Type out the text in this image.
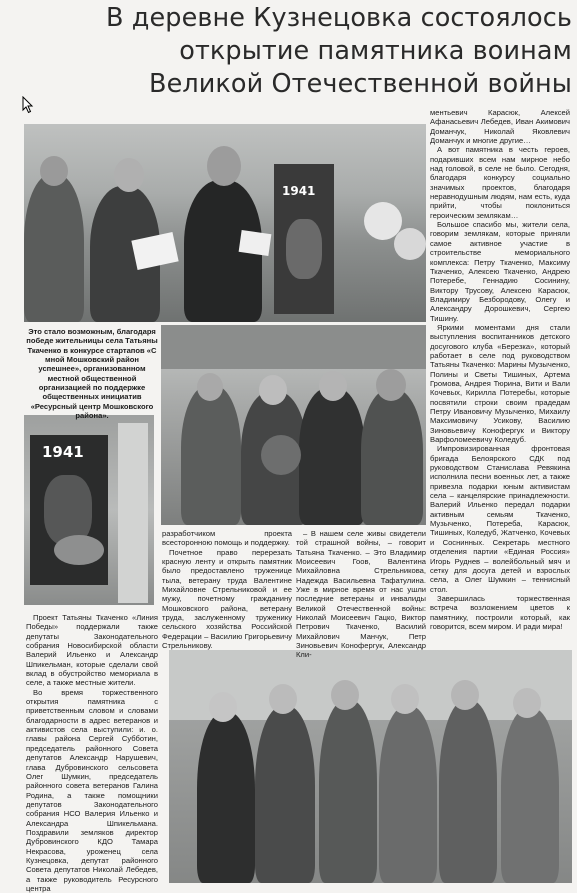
В деревне Кузнецовка состоялось
открытие памятника воинам
Великой Отечественной войны
1941
1941

Это стало возможным, благодаря победе жительницы села Татьяны Ткаченко в конкурсе стартапов «С мной Мошковский район успешнее», организованном местной общественной организацией по поддержке общественных инициатив «Ресурсный центр Мошковского района».

Проект Татьяны Ткаченко «Линия Победы» поддержали также депутаты Законодательного собрания Новосибирской области Валерий Ильенко и Александр Шпикельман, которые сделали свой вклад в обустройство мемориала в селе, а также местные жители.

Во время торжественного открытия памятника с приветственным словом и словами благодарности в адрес ветеранов и активистов села выступили: и. о. главы района Сергей Субботин, председатель районного Совета депутатов Александр Нарушевич, глава Дубровинского сельсовета Олег Шумкин, председатель районного совета ветеранов Галина Родина, а также помощники депутатов Законодательного собрания НСО Валерия Ильенко и Александра Шпикельмана. Поздравили земляков директор Дубровинского КДО Тамара Некрасова, уроженец села Кузнецовка, депутат районного Совета депутатов Николай Лебедев, а также руководитель Ресурсного центра

разработчиком проекта всесторонною помощь и поддержку.

Почетное право перерезать красную ленту и открыть памятник было предоставлено труженице тыла, ветерану труда Валентине Михайловне Стрельниковой и ее мужу, почетному гражданину Мошковского района, ветерану труда, заслуженному труженику сельского хозяйства Российской Федерации – Василию Григорьевичу Стрельникову.

– В нашем селе живы свидетели той страшной войны, – говорит Татьяна Ткаченко. – Это Владимир Моисеевич Гоов, Валентина Михайловна Стрельникова, Надежда Васильевна Тафатулина. Уже в мирное время от нас ушли последние ветераны и инвалиды Великой Отечественной войны: Николай Моисеевич Гацко, Виктор Петрович Ткаченко, Василий Михайлович Манчук, Петр Зиновьевич Конофергук, Александр Кли-

ментьевич Карасюк, Алексей Афанасьевич Лебедев, Иван Акимович Доманчук, Николай Яковлевич Доманчук и многие другие…

А вот памятника в честь героев, подаривших всем нам мирное небо над головой, в селе не было. Сегодня, благодаря конкурсу социально значимых проектов, благодаря неравнодушным людям, нам есть, куда прийти, чтобы поклониться героическим землякам…

Большое спасибо мы, жители села, говорим землякам, которые приняли самое активное участие в строительстве мемориального комплекса: Петру Ткаченко, Максиму Ткаченко, Алексею Ткаченко, Андрею Потеребе, Геннадию Сосинину, Виктору Трусову, Алексею Карасюк, Владимиру Безбородову, Олегу и Александру Дорошкевич, Сергею Тишину.

Яркими моментами дня стали выступления воспитанников детского досугового клуба «Березка», который работает в селе под руководством Татьяны Ткаченко: Марины Музыченко, Полины и Светы Тишиных, Артема Громова, Андрея Тюрина, Вити и Вали Кочевых, Кирилла Потеребы, которые посвятили строки своим прадедам Петру Ивановичу Музыченко, Михаилу Максимовичу Усикову, Василию Зиновьевичу Конофергук и Виктору Варфоломеевичу Коледуб.

Импровизированная фронтовая бригада Белоярского СДК под руководством Станислава Ревякина исполнила песни военных лет, а также привезла подарки юным активистам села – канцелярские принадлежности. Валерий Ильенко передал подарки активным семьям Ткаченко, Музыченко, Потереба, Карасюк, Тишиных, Коледуб, Жатченко, Кочевых и Соснинных. Секретарь местного отделения партии «Единая Россия» Игорь Руднев – волейбольный мяч и сетку для досуга детей и взрослых села, а Олег Шумкин – теннисный стол.

Завершилась торжественная встреча возложением цветов к памятнику, построили который, как говорится, всем миром. И ради мира!
